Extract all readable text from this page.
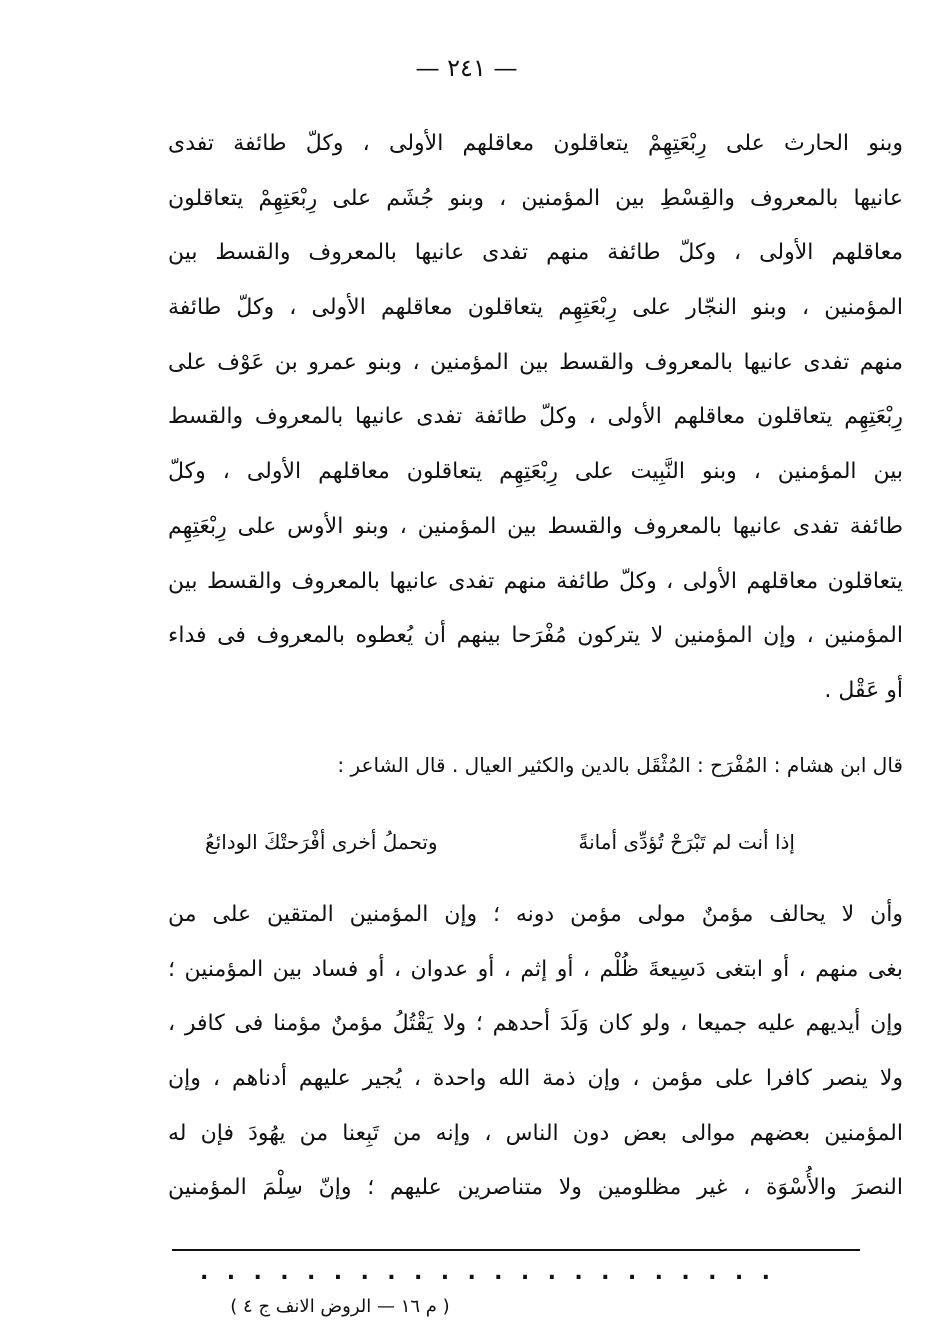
— ٢٤١ —
وبنو الحارث على رِبْعَتِهِمْ يتعاقلون معاقلهم الأولى ، وكلّ طائفة تفدى
عانيها بالمعروف والقِسْطِ بين المؤمنين ، وبنو جُشَم على رِبْعَتِهِمْ يتعاقلون
معاقلهم الأولى ، وكلّ طائفة منهم تفدى عانيها بالمعروف والقسط بين
المؤمنين ، وبنو النجّار على رِبْعَتِهِم يتعاقلون معاقلهم الأولى ، وكلّ طائفة
منهم تفدى عانيها بالمعروف والقسط بين المؤمنين ، وبنو عمرو بن عَوْف على
رِبْعَتِهِم يتعاقلون معاقلهم الأولى ، وكلّ طائفة تفدى عانيها بالمعروف والقسط
بين المؤمنين ، وبنو النَّبِيت على رِبْعَتِهِم يتعاقلون معاقلهم الأولى ، وكلّ
طائفة تفدى عانيها بالمعروف والقسط بين المؤمنين ، وبنو الأوس على رِبْعَتِهِم
يتعاقلون معاقلهم الأولى ، وكلّ طائفة منهم تفدى عانيها بالمعروف والقسط بين
المؤمنين ، وإن المؤمنين لا يتركون مُفْرَحا بينهم أن يُعطوه بالمعروف فى فداء
أو عَقْل .
قال ابن هشام : المُفْرَح : المُثْقَل بالدين والكثير العيال . قال الشاعر :
إذا أنت لم تَبْرَحْ تُؤدِّى أمانةً
وتحملُ أخرى أفْرَحتْكَ الودائعُ
وأن لا يحالف مؤمنٌ مولى مؤمن دونه ؛ وإن المؤمنين المتقين على من
بغى منهم ، أو ابتغى دَسِيعةَ ظُلْم ، أو إثم ، أو عدوان ، أو فساد بين المؤمنين ؛
وإن أيديهم عليه جميعا ، ولو كان وَلَدَ أحدهم ؛ ولا يَقْتُلُ مؤمنٌ مؤمنا فى كافر ،
ولا ينصر كافرا على مؤمن ، وإن ذمة الله واحدة ، يُجير عليهم أدناهم ، وإن
المؤمنين بعضهم موالى بعض دون الناس ، وإنه من تَبِعنا من يهُودَ فإن له
النصرَ والأُسْوَة ، غير مظلومين ولا متناصرين عليهم ؛ وإنّ سِلْمَ المؤمنين
. . . . . . . . . . . . . . . . . . . . . .
( م ١٦ — الروض الانف ج ٤ )
